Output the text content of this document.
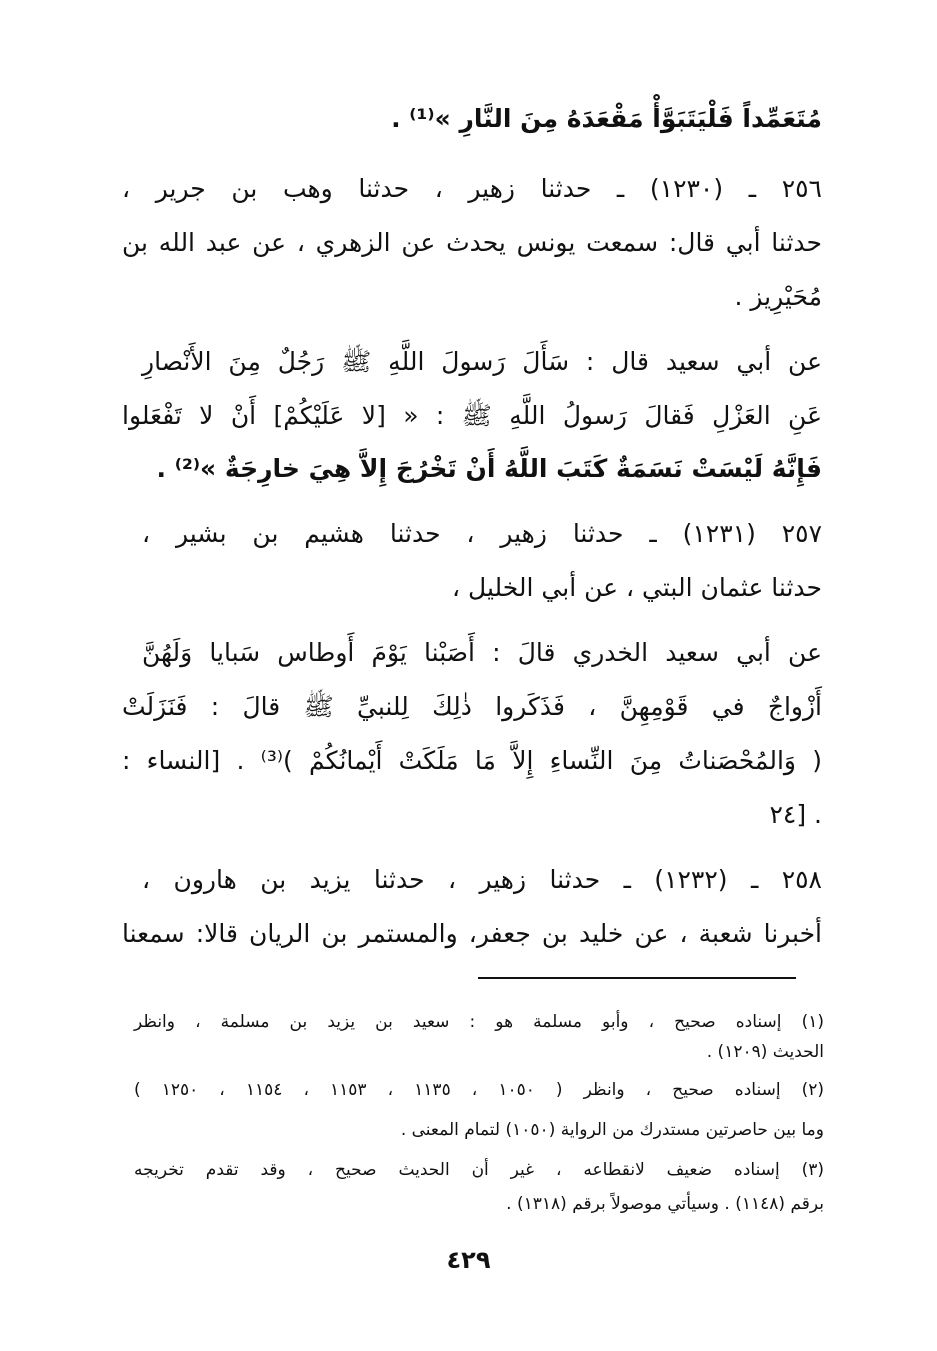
مُتَعَمِّداً فَلْيَتَبَوَّأْ مَقْعَدَهُ مِنَ النَّارِ »⁽¹⁾ .
٢٥٦ ـ (١٢٣٠) ـ حدثنا زهير ، حدثنا وهب بن جرير ،
حدثنا أبي قال: سمعت يونس يحدث عن الزهري ، عن عبد الله بن
مُحَيْرِيز .
عن أبي سعيد قال : سَأَلَ رَسولَ اللَّهِ ﷺ رَجُلٌ مِنَ الأَنْصارِ
عَنِ العَزْلِ فَقالَ رَسولُ اللَّهِ ﷺ : « [لا عَلَيْكُمْ] أَنْ لا تَفْعَلوا
فَإِنَّهُ لَيْسَتْ نَسَمَةٌ كَتَبَ اللَّهُ أَنْ تَخْرُجَ إِلاَّ هِيَ خارِجَةٌ »⁽²⁾ .
٢٥٧ (١٢٣١) ـ حدثنا زهير ، حدثنا هشيم بن بشير ،
حدثنا عثمان البتي ، عن أبي الخليل ،
عن أبي سعيد الخدري قالَ : أَصَبْنا يَوْمَ أَوطاس سَبايا وَلَهُنَّ
أَزْواجٌ في قَوْمِهِنَّ ، فَذَكَروا ذٰلِكَ لِلنبيِّ ﷺ قالَ : فَنَزَلَتْ
( وَالمُحْصَناتُ مِنَ النِّساءِ إِلاَّ مَا مَلَكَتْ أَيْمانُكُمْ )⁽³⁾ . [النساء :
٢٤] .
٢٥٨ ـ (١٢٣٢) ـ حدثنا زهير ، حدثنا يزيد بن هارون ،
أخبرنا شعبة ، عن خليد بن جعفر، والمستمر بن الريان قالا: سمعنا
(١) إسناده صحيح ، وأبو مسلمة هو : سعيد بن يزيد بن مسلمة ، وانظر
الحديث (١٢٠٩) .
(٢) إسناده صحيح ، وانظر ( ١٠٥٠ ، ١١٣٥ ، ١١٥٣ ، ١١٥٤ ، ١٢٥٠ )
وما بين حاصرتين مستدرك من الرواية (١٠٥٠) لتمام المعنى .
(٣) إسناده ضعيف لانقطاعه ، غير أن الحديث صحيح ، وقد تقدم تخريجه
برقم (١١٤٨) . وسيأتي موصولاً برقم (١٣١٨) .
٤٢٩
